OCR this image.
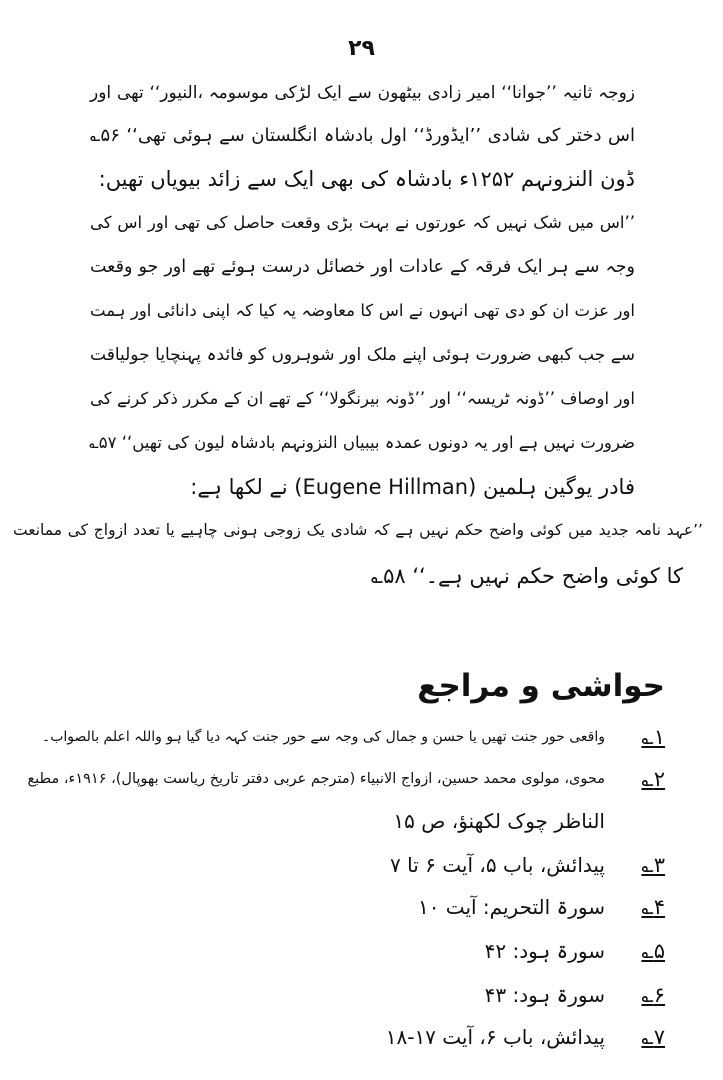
۲۹
زوجہ ثانیہ ’’جوانا‘‘ امیر زادی بیٹھون سے ایک لڑکی موسومہ ،النیور‘‘ تھی اور
اس دختر کی شادی ’’ایڈورڈ‘‘ اول بادشاہ انگلستان سے ہوئی تھی‘‘ ۵۶؎
ڈون النزونہم ۱۲۵۲ء بادشاہ کی بھی ایک سے زائد بیویاں تھیں:
’’اس میں شک نہیں کہ عورتوں نے بہت بڑی وقعت حاصل کی تھی اور اس کی
وجہ سے ہر ایک فرقہ کے عادات اور خصائل درست ہوئے تھے اور جو وقعت
اور عزت ان کو دی تھی انہوں نے اس کا معاوضہ یہ کیا کہ اپنی دانائی اور ہمت
سے جب کبھی ضرورت ہوئی اپنے ملک اور شوہروں کو فائدہ پہنچایا جولیاقت
اور اوصاف ’’ڈونہ ٹریسہ‘‘ اور ’’ڈونہ بیرنگولا‘‘ کے تھے ان کے مکرر ذکر کرنے کی
ضرورت نہیں ہے اور یہ دونوں عمدہ بیبیاں النزونہم بادشاہ لیون کی تھیں‘‘ ۵۷؎
فادر یوگین ہلمین (Eugene Hillman) نے لکھا ہے:
’’عہد نامہ جدید میں کوئی واضح حکم نہیں ہے کہ شادی یک زوجی ہونی چاہیے یا تعدد ازواج کی ممانعت
کا کوئی واضح حکم نہیں ہے۔‘‘ ۵۸؎
حواشی و مراجع
۱؎
واقعی حور جنت تھیں یا حسن و جمال کی وجہ سے حور جنت کہہ دیا گیا ہو واللہ اعلم بالصواب۔
۲؎
محوی، مولوی محمد حسین، ازواج الانبیاء (مترجم عربی دفتر تاریخ ریاست بھوپال)، ۱۹۱۶ء، مطبع
الناظر چوک لکھنؤ، ص ۱۵
۳؎
پیدائش، باب ۵، آیت ۶ تا ۷
۴؎
سورۃ التحریم: آیت ۱۰
۵؎
سورۃ ہود: ۴۲
۶؎
سورۃ ہود: ۴۳
۷؎
پیدائش، باب ۶، آیت ۱۷-۱۸
